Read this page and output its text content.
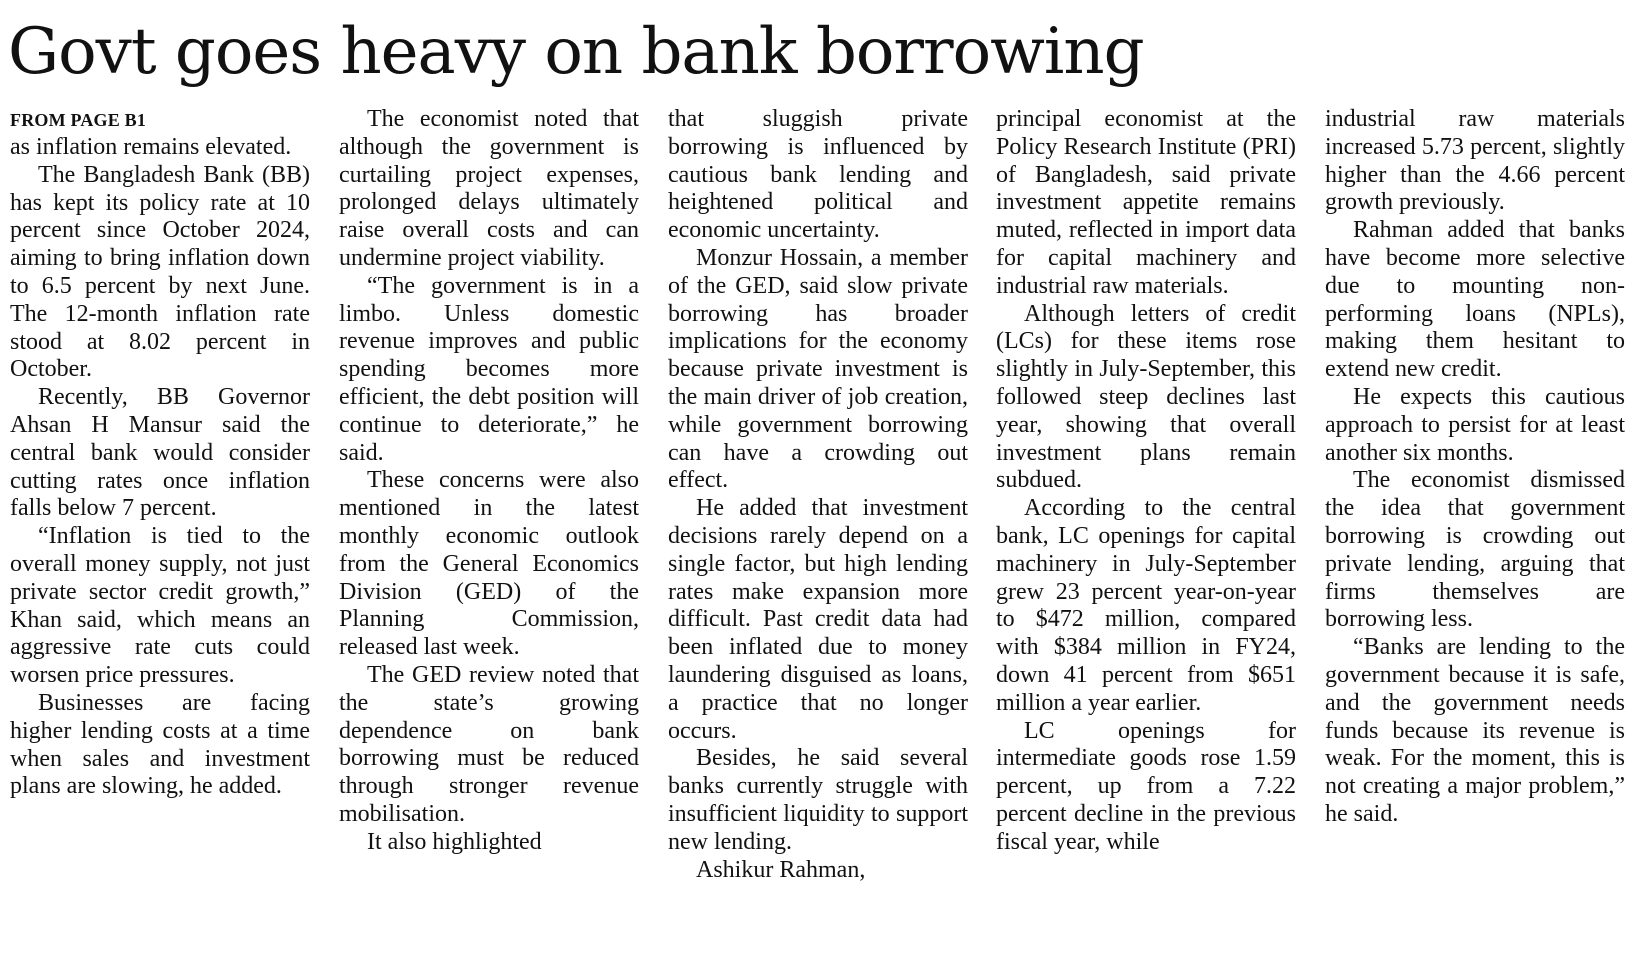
Govt goes heavy on bank borrowing
FROM PAGE B1

as inflation remains elevated.

The Bangladesh Bank (BB) has kept its policy rate at 10 percent since October 2024, aiming to bring inflation down to 6.5 percent by next June. The 12-month inflation rate stood at 8.02 percent in October.

Recently, BB Governor Ahsan H Mansur said the central bank would consider cutting rates once inflation falls below 7 percent.

“Inflation is tied to the overall money supply, not just private sector credit growth,” Khan said, which means an aggressive rate cuts could worsen price pressures.

Businesses are facing higher lending costs at a time when sales and investment plans are slowing, he added.

The economist noted that although the government is curtailing project expenses, prolonged delays ultimately raise overall costs and can undermine project viability.

“The government is in a limbo. Unless domestic revenue improves and public spending becomes more efficient, the debt position will continue to deteriorate,” he said.

These concerns were also mentioned in the latest monthly economic outlook from the General Economics Division (GED) of the Planning Commission, released last week.

The GED review noted that the state’s growing dependence on bank borrowing must be reduced through stronger revenue mobilisation.

It also highlighted

that sluggish private borrowing is influenced by cautious bank lending and heightened political and economic uncertainty.

Monzur Hossain, a member of the GED, said slow private borrowing has broader implications for the economy because private investment is the main driver of job creation, while government borrowing can have a crowding out effect.

He added that investment decisions rarely depend on a single factor, but high lending rates make expansion more difficult. Past credit data had been inflated due to money laundering disguised as loans, a practice that no longer occurs.

Besides, he said several banks currently struggle with insufficient liquidity to support new lending.

Ashikur Rahman,

principal economist at the Policy Research Institute (PRI) of Bangladesh, said private investment appetite remains muted, reflected in import data for capital machinery and industrial raw materials.

Although letters of credit (LCs) for these items rose slightly in July-September, this followed steep declines last year, showing that overall investment plans remain subdued.

According to the central bank, LC openings for capital machinery in July-September grew 23 percent year-on-year to $472 million, compared with $384 million in FY24, down 41 percent from $651 million a year earlier.

LC openings for intermediate goods rose 1.59 percent, up from a 7.22 percent decline in the previous fiscal year, while

industrial raw materials increased 5.73 percent, slightly higher than the 4.66 percent growth previously.

Rahman added that banks have become more selective due to mounting non-performing loans (NPLs), making them hesitant to extend new credit.

He expects this cautious approach to persist for at least another six months.

The economist dismissed the idea that government borrowing is crowding out private lending, arguing that firms themselves are borrowing less.

“Banks are lending to the government because it is safe, and the government needs funds because its revenue is weak. For the moment, this is not creating a major problem,” he said.
